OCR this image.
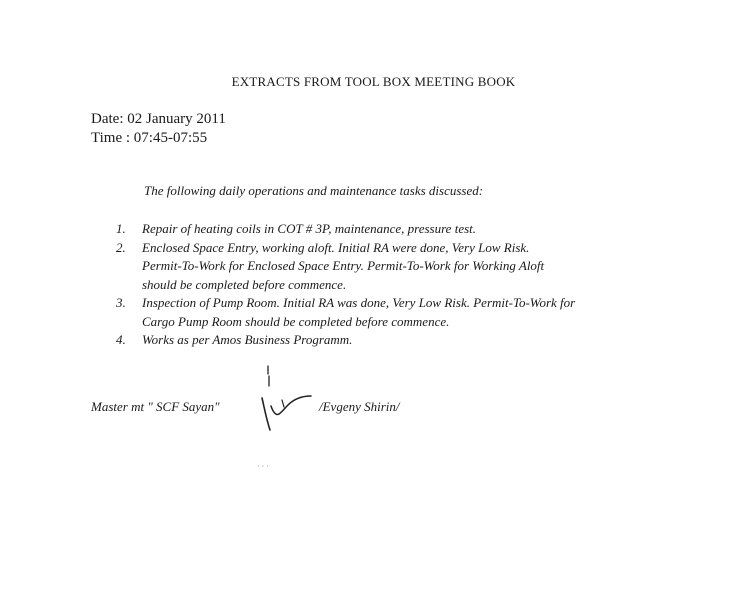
EXTRACTS FROM TOOL BOX MEETING BOOK
Date: 02 January 2011
Time : 07:45-07:55
The following daily operations and maintenance tasks discussed:
1. Repair of heating coils in COT # 3P, maintenance, pressure test.
2. Enclosed Space Entry, working aloft. Initial RA were done, Very Low Risk.
Permit-To-Work for Enclosed Space Entry. Permit-To-Work for Working Aloft
should be completed before commence.
3. Inspection of Pump Room. Initial RA was done, Very Low Risk. Permit-To-Work for
Cargo Pump Room should be completed before commence.
4. Works as per Amos Business Programm.
Master mt " SCF Sayan"	/Evgeny Shirin/
· · ·
